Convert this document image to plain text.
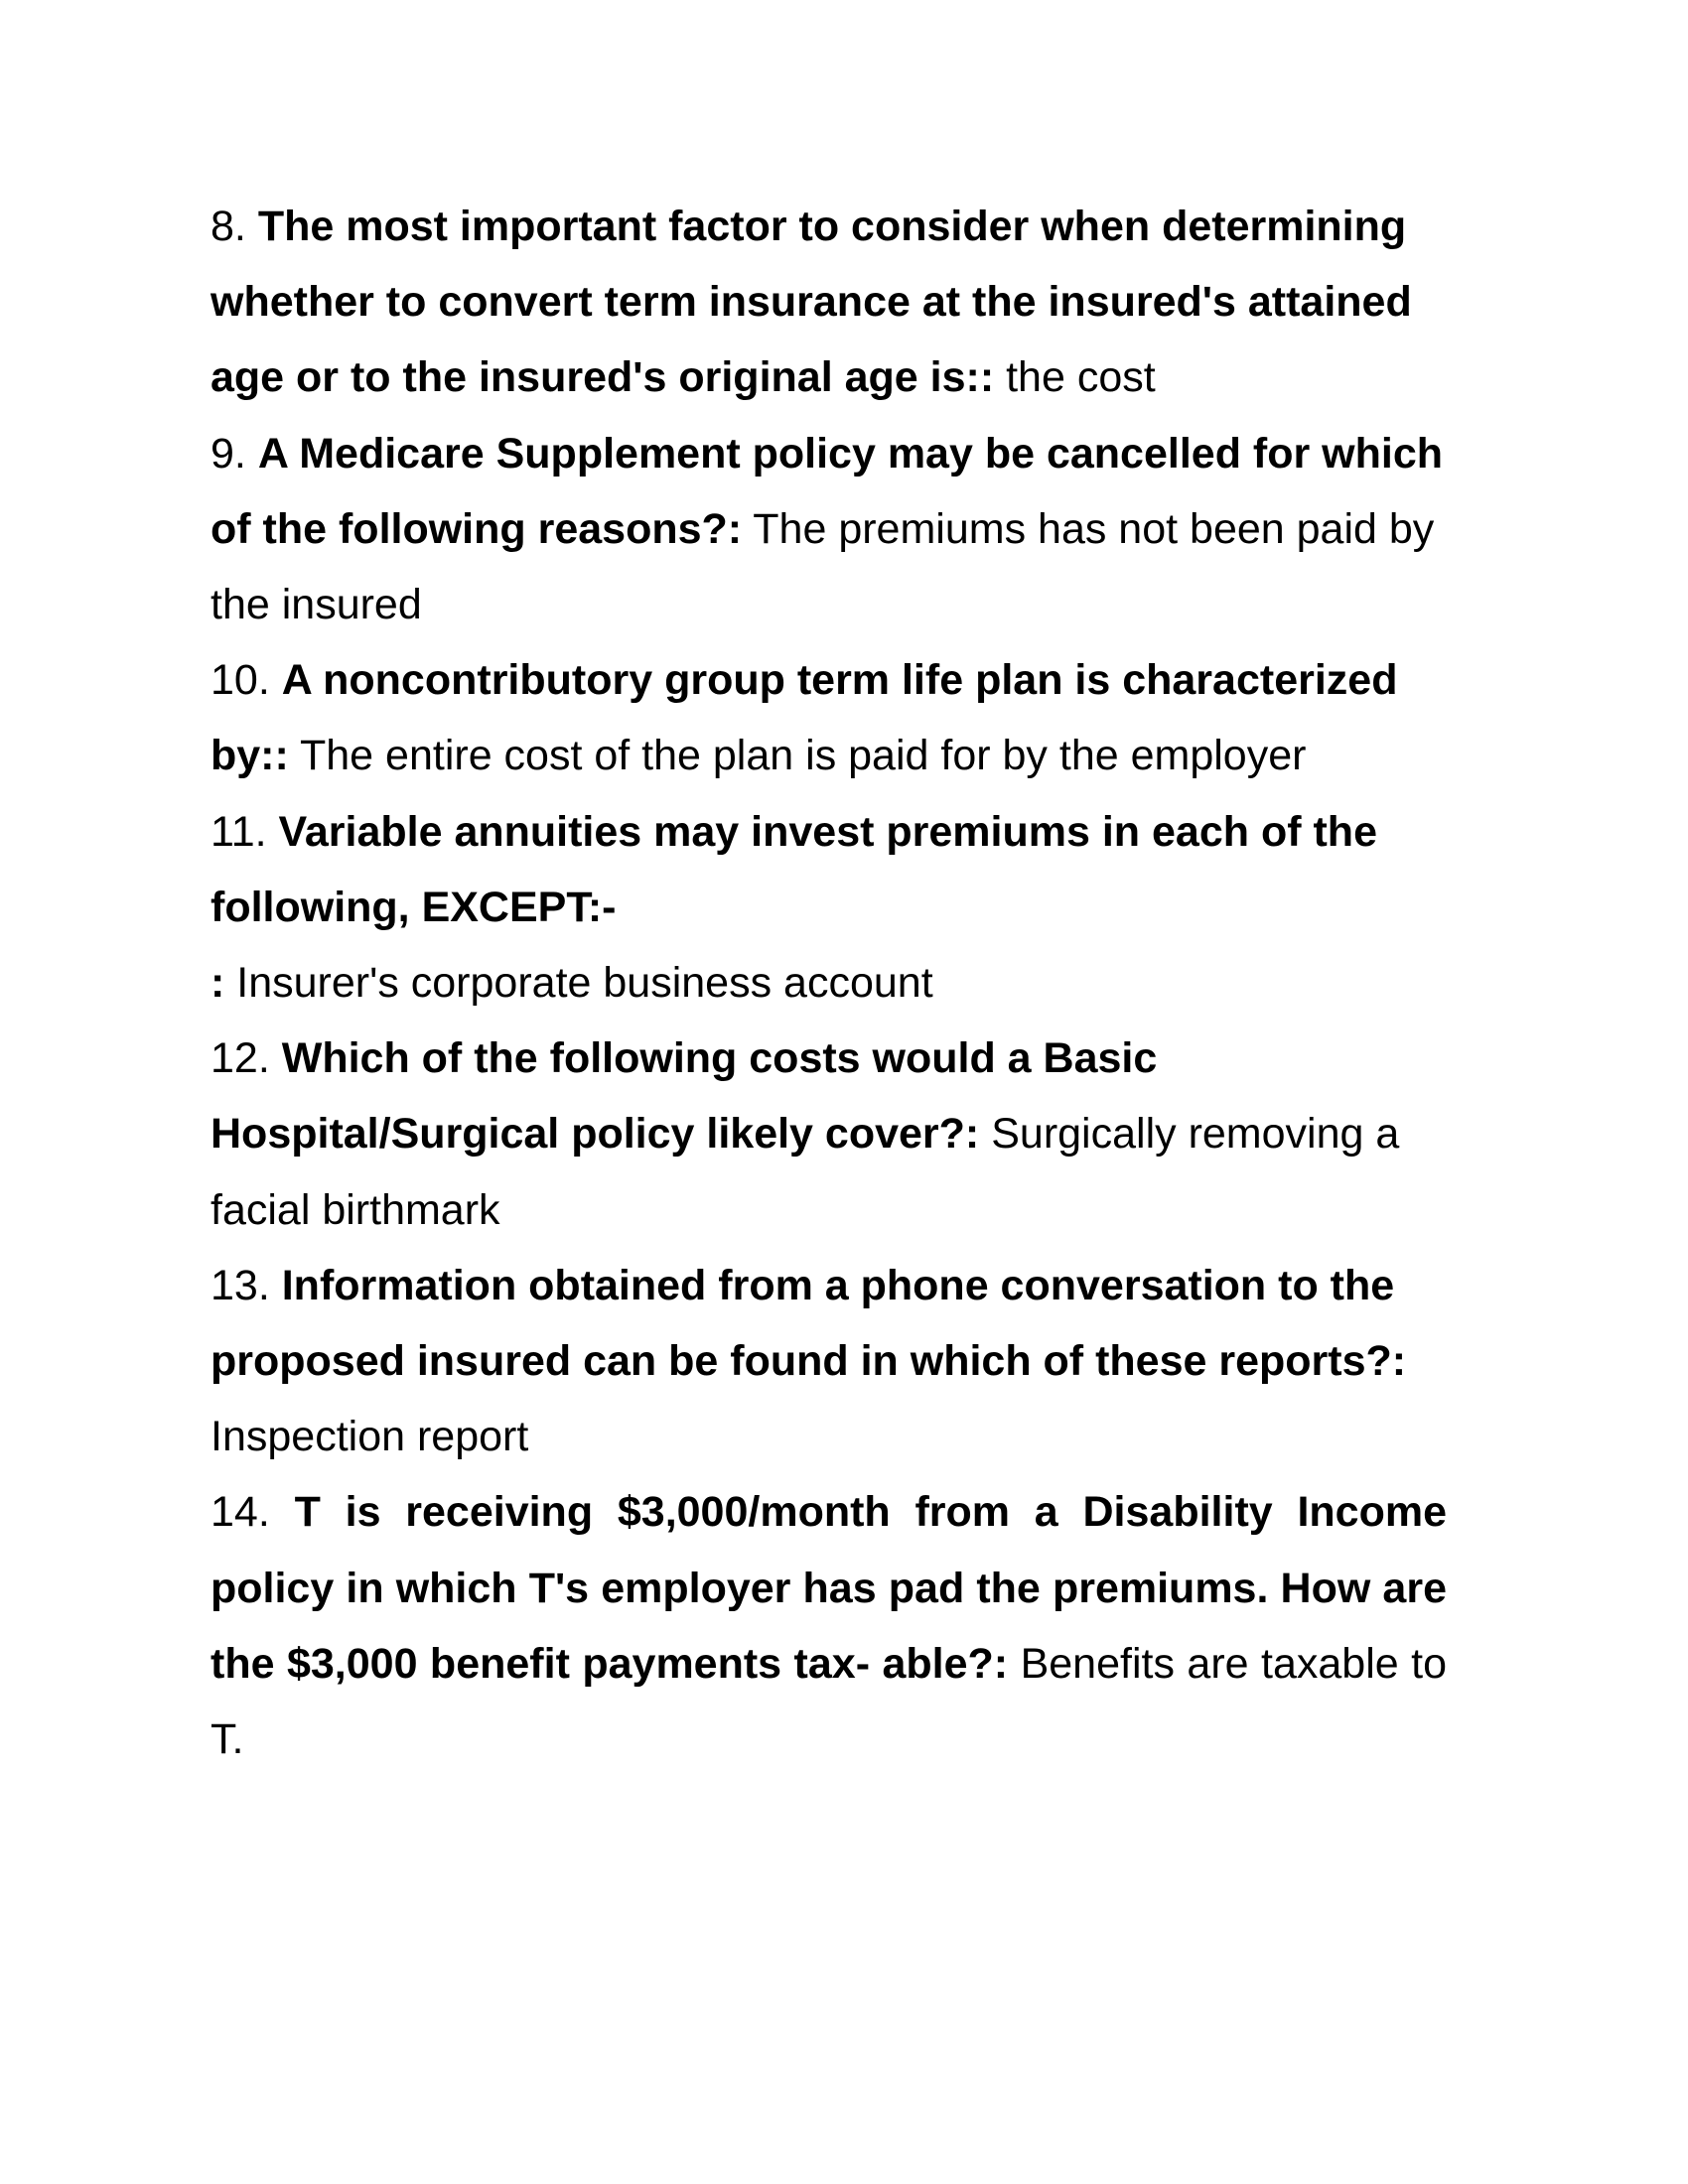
8. The most important factor to consider when determining whether to convert term insurance at the insured's attained age or to the insured's original age is:: the cost

9. A Medicare Supplement policy may be cancelled for which of the following reasons?: The premiums has not been paid by the insured

10. A noncontributory group term life plan is characterized by:: The entire cost of the plan is paid for by the employer

11. Variable annuities may invest premiums in each of the following, EXCEPT:-

: Insurer's corporate business account

12. Which of the following costs would a Basic Hospital/Surgical policy likely cover?: Surgically removing a facial birthmark

13. Information obtained from a phone conversation to the proposed insured can be found in which of these reports?: Inspection report

14. T is receiving $3,000/month from a Disability Income policy in which T's employer has pad the premiums. How are the $3,000 benefit payments tax- able?: Benefits are taxable to T.
